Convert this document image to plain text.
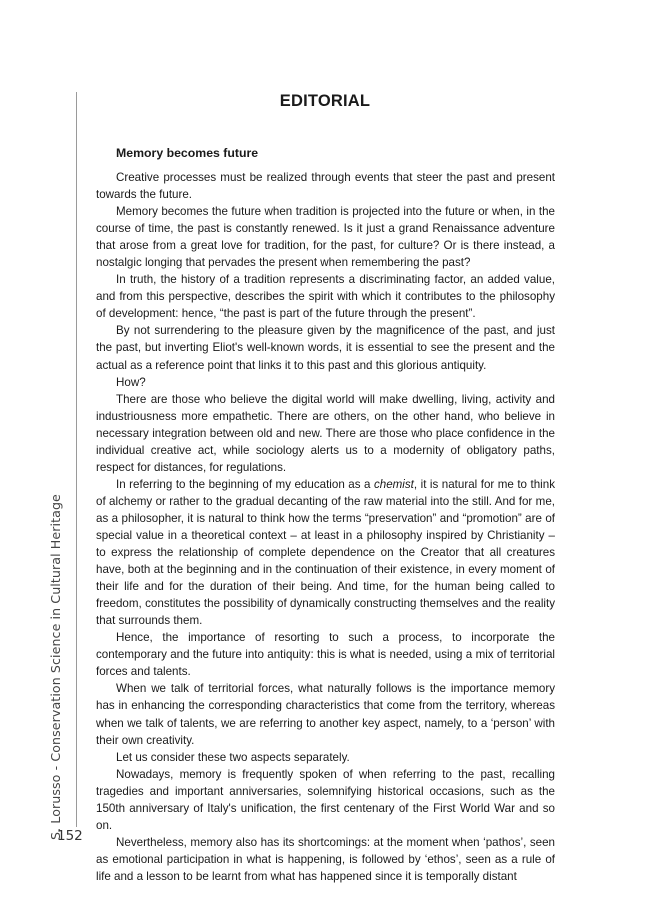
S. Lorusso - Conservation Science in Cultural Heritage
152
EDITORIAL
Memory becomes future

Creative processes must be realized through events that steer the past and present towards the future.

Memory becomes the future when tradition is projected into the future or when, in the course of time, the past is constantly renewed. Is it just a grand Renaissance adventure that arose from a great love for tradition, for the past, for culture? Or is there instead, a nostalgic longing that pervades the present when remembering the past?

In truth, the history of a tradition represents a discriminating factor, an added value, and from this perspective, describes the spirit with which it contributes to the philosophy of development: hence, “the past is part of the future through the present”.

By not surrendering to the pleasure given by the magnificence of the past, and just the past, but inverting Eliot's well-known words, it is essential to see the present and the actual as a reference point that links it to this past and this glorious antiquity.

How?

There are those who believe the digital world will make dwelling, living, activity and industriousness more empathetic. There are others, on the other hand, who believe in necessary integration between old and new. There are those who place confidence in the individual creative act, while sociology alerts us to a modernity of obligatory paths, respect for distances, for regulations.

In referring to the beginning of my education as a chemist, it is natural for me to think of alchemy or rather to the gradual decanting of the raw material into the still. And for me, as a philosopher, it is natural to think how the terms “preservation” and “promotion” are of special value in a theoretical context – at least in a philosophy inspired by Christianity – to express the relationship of complete dependence on the Creator that all creatures have, both at the beginning and in the continuation of their existence, in every moment of their life and for the duration of their being. And time, for the human being called to freedom, constitutes the possibility of dynamically constructing themselves and the reality that surrounds them.

Hence, the importance of resorting to such a process, to incorporate the contemporary and the future into antiquity: this is what is needed, using a mix of territorial forces and talents.

When we talk of territorial forces, what naturally follows is the importance memory has in enhancing the corresponding characteristics that come from the territory, whereas when we talk of talents, we are referring to another key aspect, namely, to a ‘person’ with their own creativity.

Let us consider these two aspects separately.

Nowadays, memory is frequently spoken of when referring to the past, recalling tragedies and important anniversaries, solemnifying historical occasions, such as the 150th anniversary of Italy's unification, the first centenary of the First World War and so on.

Nevertheless, memory also has its shortcomings: at the moment when ‘pathos’, seen as emotional participation in what is happening, is followed by ‘ethos’, seen as a rule of life and a lesson to be learnt from what has happened since it is temporally distant
